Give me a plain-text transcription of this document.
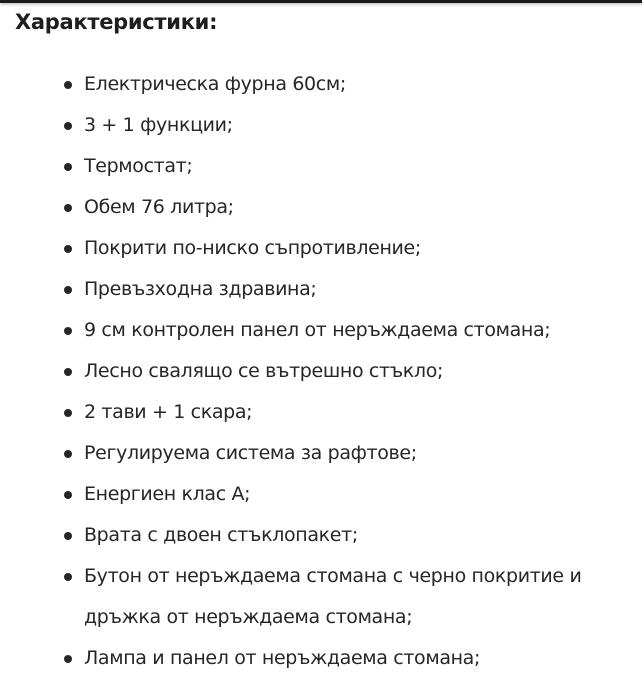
Характеристики:
Електрическа фурна 60см;
3 + 1 функции;
Термостат;
Обем 76 литра;
Покрити по-ниско съпротивление;
Превъзходна здравина;
9 см контролен панел от неръждаема стомана;
Лесно свалящо се вътрешно стъкло;
2 тави + 1 скара;
Регулируема система за рафтове;
Енергиен клас А;
Врата с двоен стъклопакет;
Бутон от неръждаема стомана с черно покритие и дръжка от неръждаема стомана;
Лампа и панел от неръждаема стомана;
